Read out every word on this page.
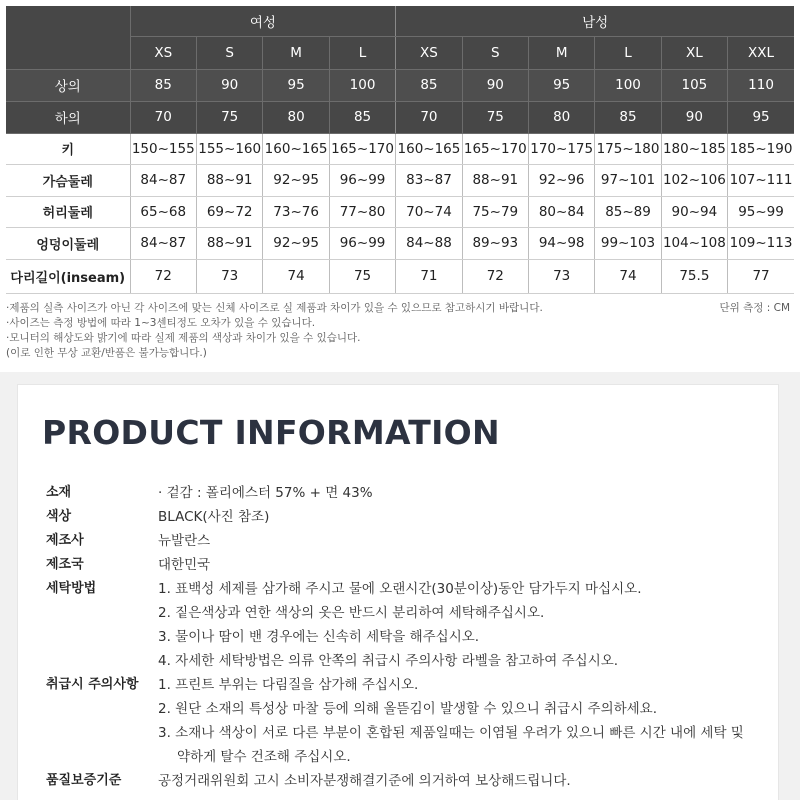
	여성				남성					
	XS	S	M	L	XS	S	M	L	XL	XXL
상의	85	90	95	100	85	90	95	100	105	110
하의	70	75	80	85	70	75	80	85	90	95
키	150~155	155~160	160~165	165~170	160~165	165~170	170~175	175~180	180~185	185~190
가슴둘레	84~87	88~91	92~95	96~99	83~87	88~91	92~96	97~101	102~106	107~111
허리둘레	65~68	69~72	73~76	77~80	70~74	75~79	80~84	85~89	90~94	95~99
엉덩이둘레	84~87	88~91	92~95	96~99	84~88	89~93	94~98	99~103	104~108	109~113
다리길이(inseam)	72	73	74	75	71	72	73	74	75.5	77
·제품의 실측 사이즈가 아닌 각 사이즈에 맞는 신체 사이즈로 실 제품과 차이가 있을 수 있으므로 참고하시기 바랍니다.
·사이즈는 측정 방법에 따라 1~3센티정도 오차가 있을 수 있습니다.
·모니터의 해상도와 밝기에 따라 실제 제품의 색상과 차이가 있을 수 있습니다.
(이로 인한 무상 교환/반품은 불가능합니다.)
단위 측정 : CM
PRODUCT INFORMATION
소재	· 겉감 : 폴리에스터 57% + 면 43%
색상	BLACK(사진 참조)
제조사	뉴발란스
제조국	대한민국
세탁방법	1. 표백성 세제를 삼가해 주시고 물에 오랜시간(30분이상)동안 담가두지 마십시오.
2. 짙은색상과 연한 색상의 옷은 반드시 분리하여 세탁해주십시오.
3. 물이나 땀이 밴 경우에는 신속히 세탁을 해주십시오.
4. 자세한 세탁방법은 의류 안쪽의 취급시 주의사항 라벨을 참고하여 주십시오.
취급시 주의사항	1. 프린트 부위는 다림질을 삼가해 주십시오.
2. 원단 소재의 특성상 마찰 등에 의해 올뜯김이 발생할 수 있으니 취급시 주의하세요.
3. 소재나 색상이 서로 다른 부분이 혼합된 제품일때는 이염될 우려가 있으니 빠른 시간 내에 세탁 및
약하게 탈수 건조해 주십시오.
품질보증기준	공정거래위원회 고시 소비자분쟁해결기준에 의거하여 보상해드립니다.
